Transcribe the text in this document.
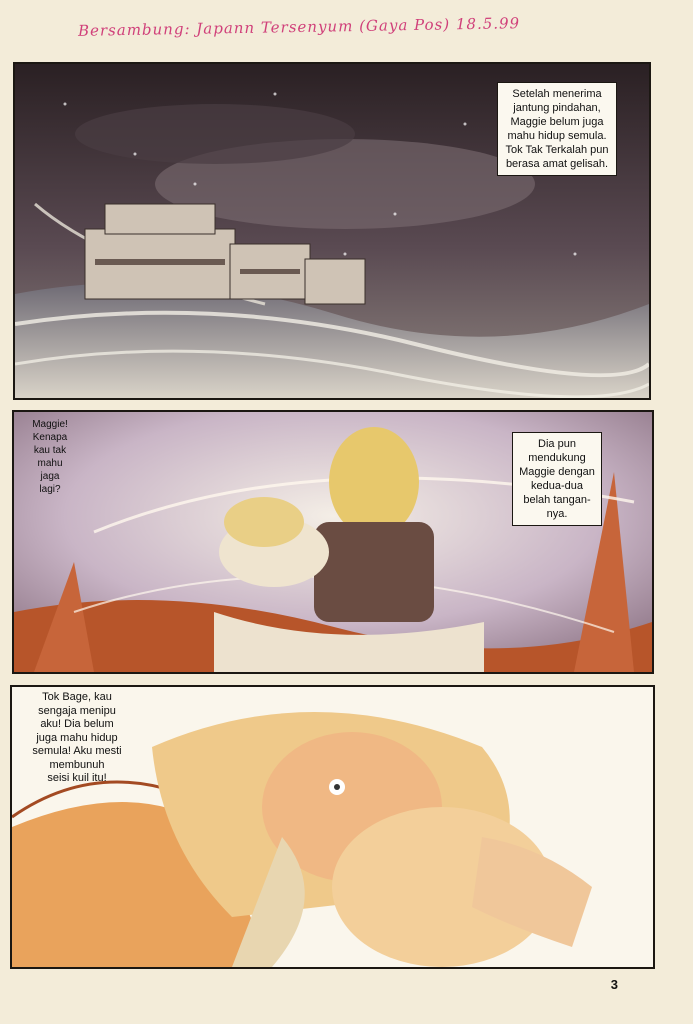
Bersambung: Japann Tersenyum (Gaya Pos) 18.5.99
Setelah menerima
jantung pindahan,
Maggie belum juga
mahu hidup semula.
Tok Tak Terkalah pun
berasa amat gelisah.
Maggie!
Kenapa
kau tak
mahu
jaga
lagi?
Dia pun
mendukung
Maggie dengan
kedua-dua
belah tangan-
nya.
Tok Bage, kau
sengaja menipu
aku! Dia belum
juga mahu hidup
semula! Aku mesti
membunuh
seisi kuil itu!
3
